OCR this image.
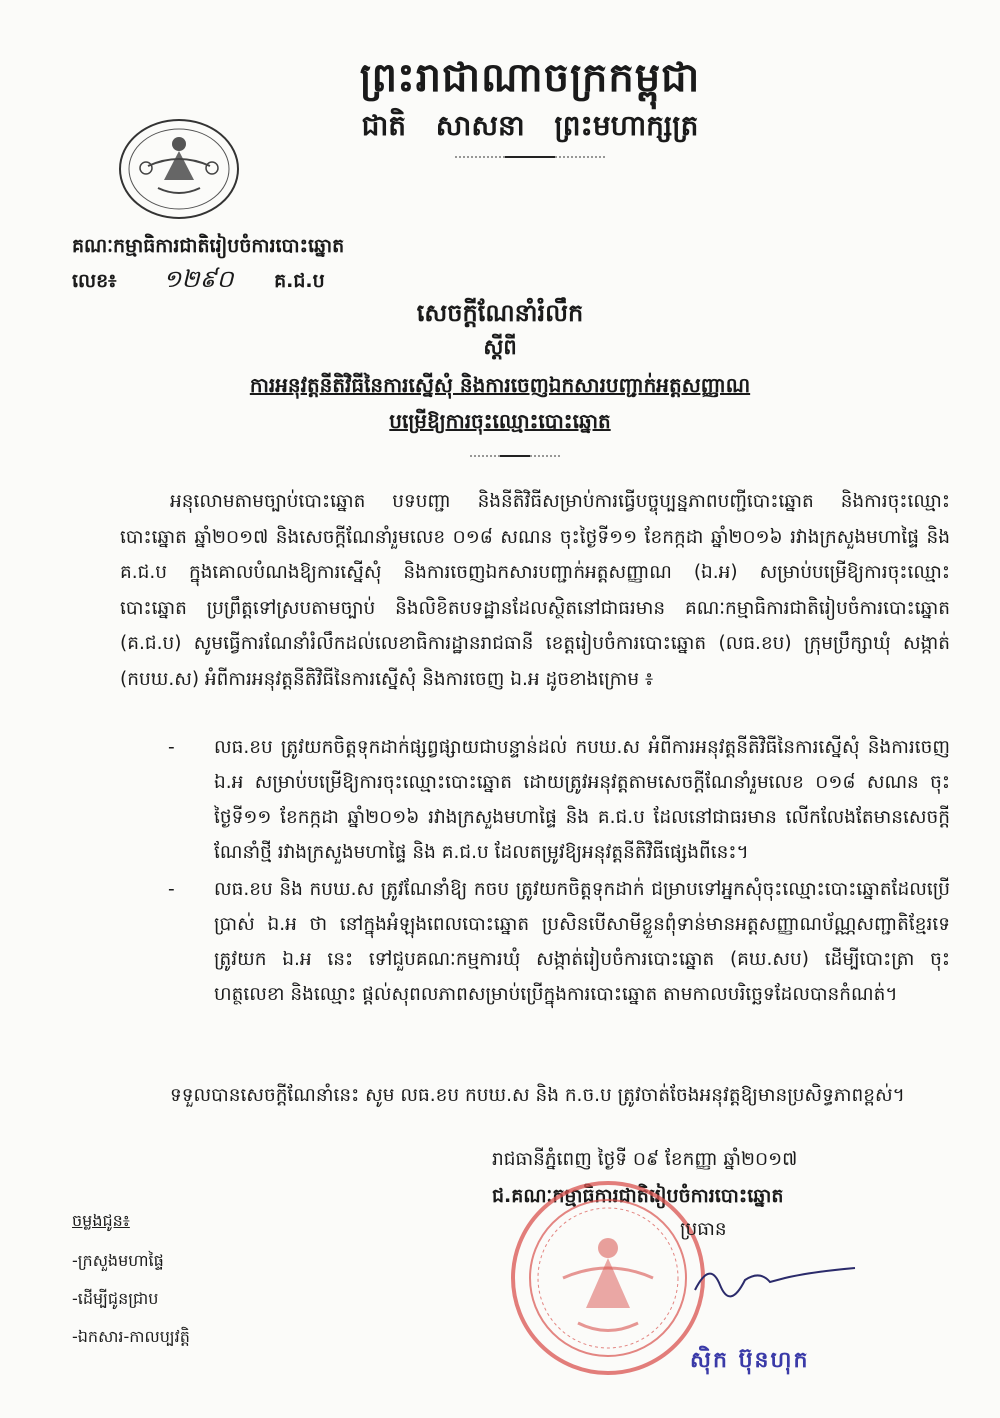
ព្រះរាជាណាចក្រកម្ពុជា
ជាតិ សាសនា ព្រះមហាក្សត្រ
គណៈកម្មាធិការជាតិរៀបចំការបោះឆ្នោត
លេខ៖ ១២៩០ គ.ជ.ប
សេចក្តីណែនាំរំលឹក
ស្តីពី
ការអនុវត្តនីតិវិធីនៃការស្នើសុំ និងការចេញឯកសារបញ្ជាក់អត្តសញ្ញាណ
បម្រើឱ្យការចុះឈ្មោះបោះឆ្នោត

អនុលោមតាមច្បាប់បោះឆ្នោត បទបញ្ជា និងនីតិវិធីសម្រាប់ការធ្វើបច្ចុប្បន្នភាពបញ្ជីបោះឆ្នោត និងការចុះឈ្មោះបោះឆ្នោត ឆ្នាំ២០១៧ និងសេចក្តីណែនាំរួមលេខ ០១៨ សណន ចុះថ្ងៃទី១១ ខែកក្កដា ឆ្នាំ២០១៦ រវាងក្រសួងមហាផ្ទៃ និង គ.ជ.ប ក្នុងគោលបំណងឱ្យការស្នើសុំ និងការចេញឯកសារបញ្ជាក់អត្តសញ្ញាណ (ឯ.អ) សម្រាប់បម្រើឱ្យការចុះឈ្មោះបោះឆ្នោត ប្រព្រឹត្តទៅស្របតាមច្បាប់ និងលិខិតបទដ្ឋានដែលស្ថិតនៅជាធរមាន គណៈកម្មាធិការជាតិរៀបចំការបោះឆ្នោត (គ.ជ.ប) សូមធ្វើការណែនាំរំលឹកដល់លេខាធិការដ្ឋានរាជធានី ខេត្តរៀបចំការបោះឆ្នោត (លធ.ខប) ក្រុមប្រឹក្សាឃុំ សង្កាត់ (កបឃ.ស) អំពីការអនុវត្តនីតិវិធីនៃការស្នើសុំ និងការចេញ ឯ.អ ដូចខាងក្រោម ៖

លធ.ខប ត្រូវយកចិត្តទុកដាក់ផ្សព្វផ្សាយជាបន្ទាន់ដល់ កបឃ.ស អំពីការអនុវត្តនីតិវិធីនៃការស្នើសុំ និងការចេញ ឯ.អ សម្រាប់បម្រើឱ្យការចុះឈ្មោះបោះឆ្នោត ដោយត្រូវអនុវត្តតាមសេចក្តីណែនាំរួមលេខ ០១៨ សណន ចុះថ្ងៃទី១១ ខែកក្កដា ឆ្នាំ២០១៦ រវាងក្រសួងមហាផ្ទៃ និង គ.ជ.ប ដែលនៅជាធរមាន លើកលែងតែមានសេចក្តីណែនាំថ្មី រវាងក្រសួងមហាផ្ទៃ និង គ.ជ.ប ដែលតម្រូវឱ្យអនុវត្តនីតិវិធីផ្សេងពីនេះ។
លធ.ខប និង កបឃ.ស ត្រូវណែនាំឱ្យ កចប ត្រូវយកចិត្តទុកដាក់ ជម្រាបទៅអ្នកសុំចុះឈ្មោះបោះឆ្នោតដែលប្រើប្រាស់ ឯ.អ ថា នៅក្នុងអំឡុងពេលបោះឆ្នោត ប្រសិនបើសាមីខ្លួនពុំទាន់មានអត្តសញ្ញាណប័ណ្ណសញ្ជាតិខ្មែរទេ ត្រូវយក ឯ.អ នេះ ទៅជួបគណៈកម្មការឃុំ សង្កាត់រៀបចំការបោះឆ្នោត (គឃ.សប) ដើម្បីបោះត្រា ចុះហត្ថលេខា និងឈ្មោះ ផ្តល់សុពលភាពសម្រាប់ប្រើក្នុងការបោះឆ្នោត តាមកាលបរិច្ឆេទដែលបានកំណត់។
ទទួលបានសេចក្តីណែនាំនេះ សូម លធ.ខប កបឃ.ស និង ក.ច.ប ត្រូវចាត់ចែងអនុវត្តឱ្យមានប្រសិទ្ធភាពខ្ពស់។
រាជធានីភ្នំពេញ ថ្ងៃទី ០៩ ខែកញ្ញា ឆ្នាំ២០១៧
ជ.គណៈកម្មាធិការជាតិរៀបចំការបោះឆ្នោត
ប្រធាន
ស៊ិក ប៊ុនហុក
ចម្លងជូន៖
-ក្រសួងមហាផ្ទៃ
-ដើម្បីជូនជ្រាប
-ឯកសារ-កាលប្បវត្តិ
